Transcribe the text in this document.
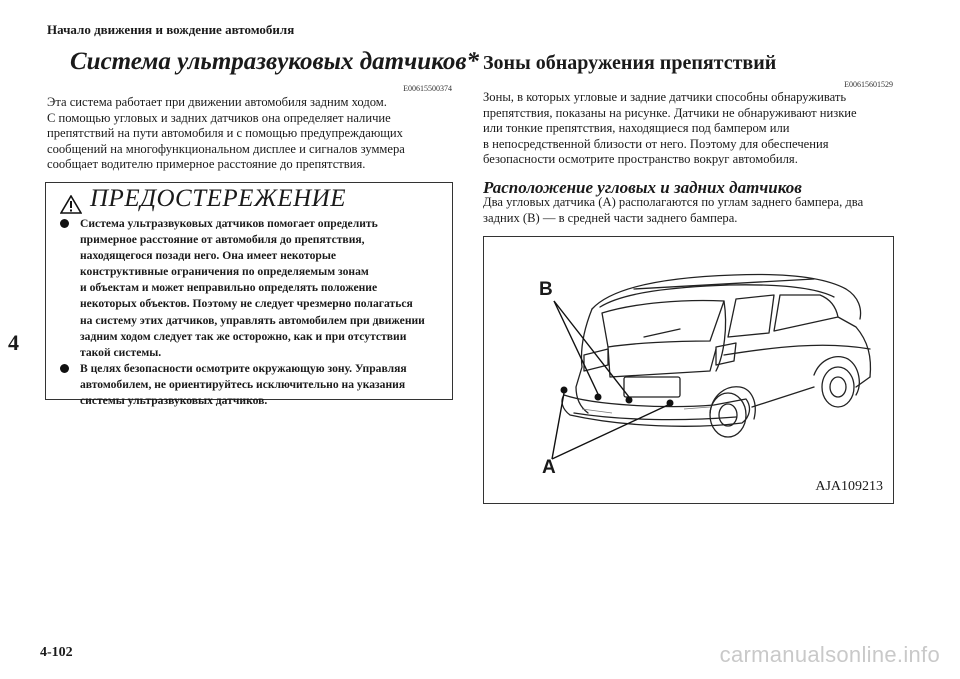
Начало движения и вождение автомобиля
4
4-102	carmanualsonline.info
Система ультразвуковых датчиков*
E00615500374
Эта система работает при движении автомобиля задним ходом.
С помощью угловых и задних датчиков она определяет наличие
препятствий на пути автомобиля и с помощью предупреждающих
сообщений на многофункциональном дисплее и сигналов зуммера
сообщает водителю примерное расстояние до препятствия.
ПРЕДОСТЕРЕЖЕНИЕ
Система ультразвуковых датчиков помогает определить
примерное расстояние от автомобиля до препятствия,
находящегося позади него. Она имеет некоторые
конструктивные ограничения по определяемым зонам
и объектам и может неправильно определять положение
некоторых объектов. Поэтому не следует чрезмерно полагаться
на систему этих датчиков, управлять автомобилем при движении
задним ходом следует так же осторожно, как и при отсутствии
такой системы.
В целях безопасности осмотрите окружающую зону. Управляя
автомобилем, не ориентируйтесь исключительно на указания
системы ультразвуковых датчиков.
Зоны обнаружения препятствий
E00615601529
Зоны, в которых угловые и задние датчики способны обнаруживать
препятствия, показаны на рисунке. Датчики не обнаруживают низкие
или тонкие препятствия, находящиеся под бампером или
в непосредственной близости от него. Поэтому для обеспечения
безопасности осмотрите пространство вокруг автомобиля.
Расположение угловых и задних датчиков
Два угловых датчика (A) располагаются по углам заднего бампера, два
задних (B) — в средней части заднего бампера.
B
A
AJA109213
